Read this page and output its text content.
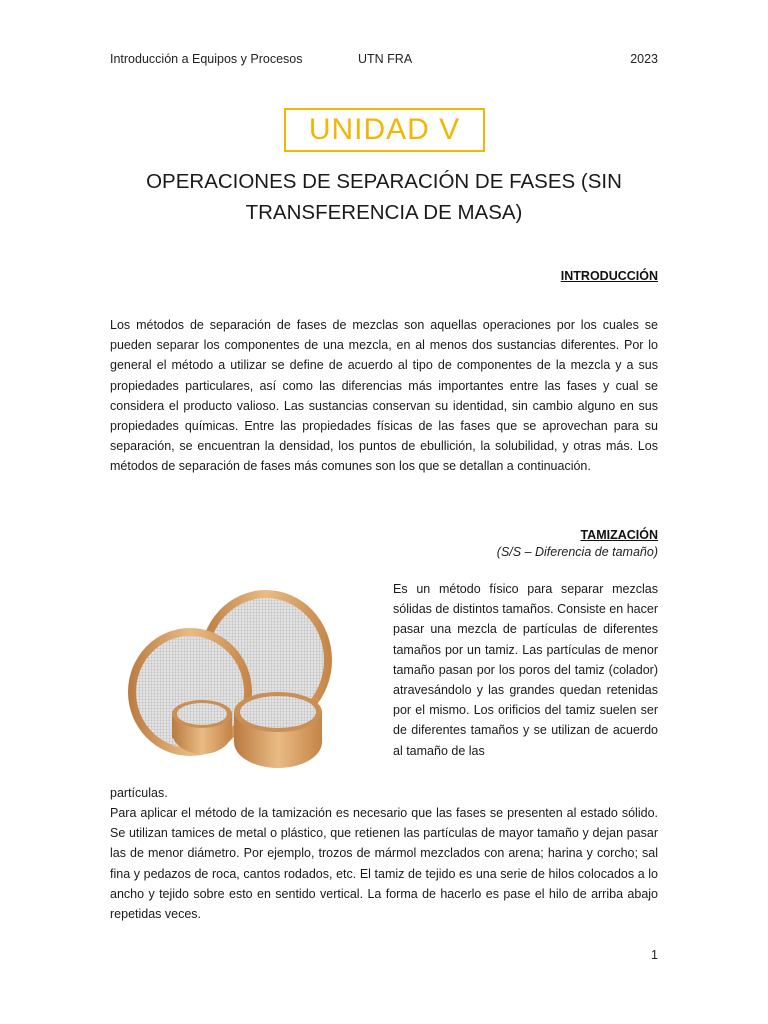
Introducción a Equipos y Procesos	UTN FRA	2023
UNIDAD V
OPERACIONES DE SEPARACIÓN DE FASES (SIN TRANSFERENCIA DE MASA)
INTRODUCCIÓN
Los métodos de separación de fases de mezclas son aquellas operaciones por los cuales se pueden separar los componentes de una mezcla, en al menos dos sustancias diferentes. Por lo general el método a utilizar se define de acuerdo al tipo de componentes de la mezcla y a sus propiedades particulares, así como las diferencias más importantes entre las fases y cual se considera el producto valioso. Las sustancias conservan su identidad, sin cambio alguno en sus propiedades químicas. Entre las propiedades físicas de las fases que se aprovechan para su separación, se encuentran la densidad, los puntos de ebullición, la solubilidad, y otras más. Los métodos de separación de fases más comunes son los que se detallan a continuación.
TAMIZACIÓN
(S/S – Diferencia de tamaño)
Es un método físico para separar mezclas sólidas de distintos tamaños. Consiste en hacer pasar una mezcla de partículas de diferentes tamaños por un tamiz. Las partículas de menor tamaño pasan por los poros del tamiz (colador) atravesándolo y las grandes quedan retenidas por el mismo. Los orificios del tamiz suelen ser de diferentes tamaños y se utilizan de acuerdo al tamaño de las
partículas.
Para aplicar el método de la tamización es necesario que las fases se presenten al estado sólido. Se utilizan tamices de metal o plástico, que retienen las partículas de mayor tamaño y dejan pasar las de menor diámetro. Por ejemplo, trozos de mármol mezclados con arena; harina y corcho; sal fina y pedazos de roca, cantos rodados, etc. El tamiz de tejido es una serie de hilos colocados a lo ancho y tejido sobre esto en sentido vertical. La forma de hacerlo es pase el hilo de arriba abajo repetidas veces.
1
